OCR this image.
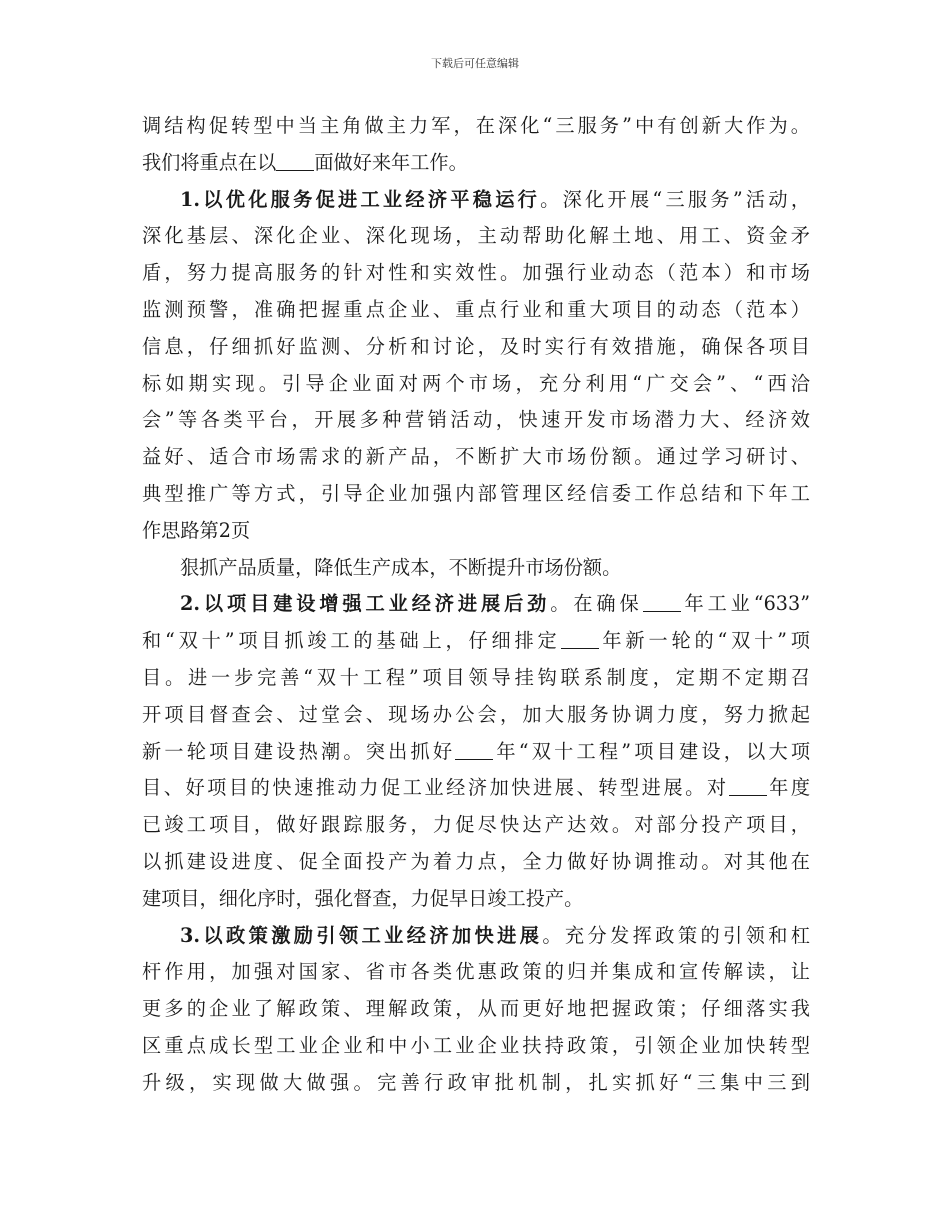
下载后可任意编辑
调结构促转型中当主角做主力军，在深化“三服务”中有创新大作为。
我们将重点在以 面做好来年工作。
1.以优化服务促进工业经济平稳运行。深化开展“三服务”活动，
深化基层、深化企业、深化现场，主动帮助化解土地、用工、资金矛
盾，努力提高服务的针对性和实效性。加强行业动态（范本）和市场
监测预警，准确把握重点企业、重点行业和重大项目的动态（范本）
信息，仔细抓好监测、分析和讨论，及时实行有效措施，确保各项目
标如期实现。引导企业面对两个市场，充分利用“广交会”、“西洽
会”等各类平台，开展多种营销活动，快速开发市场潜力大、经济效
益好、适合市场需求的新产品，不断扩大市场份额。通过学习研讨、
典型推广等方式，引导企业加强内部管理区经信委工作总结和下年工
作思路第2页
狠抓产品质量，降低生产成本，不断提升市场份额。
2.以项目建设增强工业经济进展后劲。在确保 年工业“633”
和“双十”项目抓竣工的基础上，仔细排定 年新一轮的“双十”项
目。进一步完善“双十工程”项目领导挂钩联系制度，定期不定期召
开项目督查会、过堂会、现场办公会，加大服务协调力度，努力掀起
新一轮项目建设热潮。突出抓好 年“双十工程”项目建设，以大项
目、好项目的快速推动力促工业经济加快进展、转型进展。对 年度
已竣工项目，做好跟踪服务，力促尽快达产达效。对部分投产项目，
以抓建设进度、促全面投产为着力点，全力做好协调推动。对其他在
建项目，细化序时，强化督查，力促早日竣工投产。
3.以政策激励引领工业经济加快进展。充分发挥政策的引领和杠
杆作用，加强对国家、省市各类优惠政策的归并集成和宣传解读，让
更多的企业了解政策、理解政策，从而更好地把握政策；仔细落实我
区重点成长型工业企业和中小工业企业扶持政策，引领企业加快转型
升级，实现做大做强。完善行政审批机制，扎实抓好“三集中三到
